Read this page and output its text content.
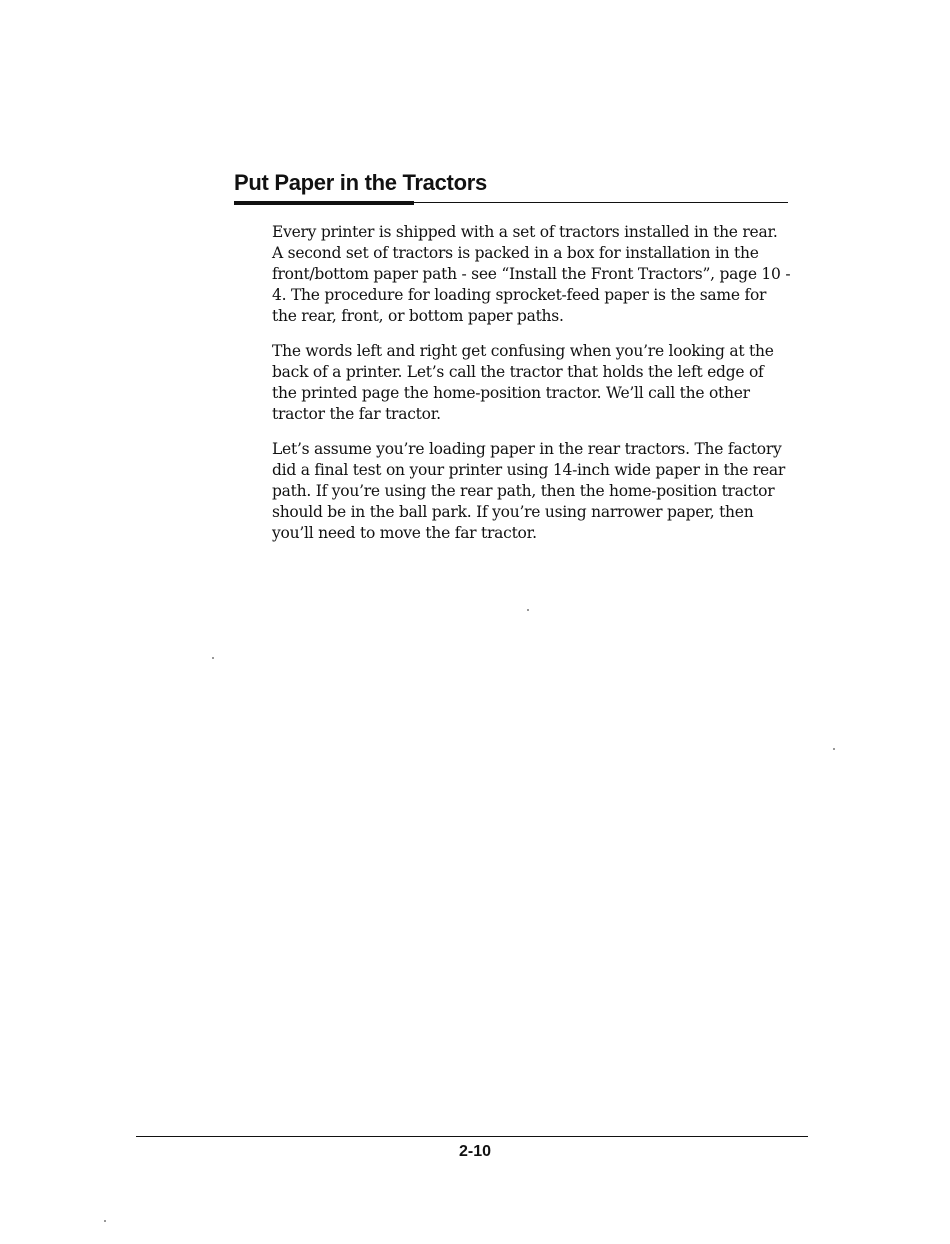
Put Paper in the Tractors

Every printer is shipped with a set of tractors installed in the rear. A second set of tractors is packed in a box for installation in the front/bottom paper path - see “Install the Front Tractors”, page 10 - 4. The procedure for loading sprocket-feed paper is the same for the rear, front, or bottom paper paths.

The words left and right get confusing when you’re looking at the back of a printer. Let’s call the tractor that holds the left edge of the printed page the home-position tractor. We’ll call the other tractor the far tractor.

Let’s assume you’re loading paper in the rear tractors. The factory did a final test on your printer using 14-inch wide paper in the rear path. If you’re using the rear path, then the home-position tractor should be in the ball park. If you’re using narrower paper, then you’ll need to move the far tractor.

2-10
